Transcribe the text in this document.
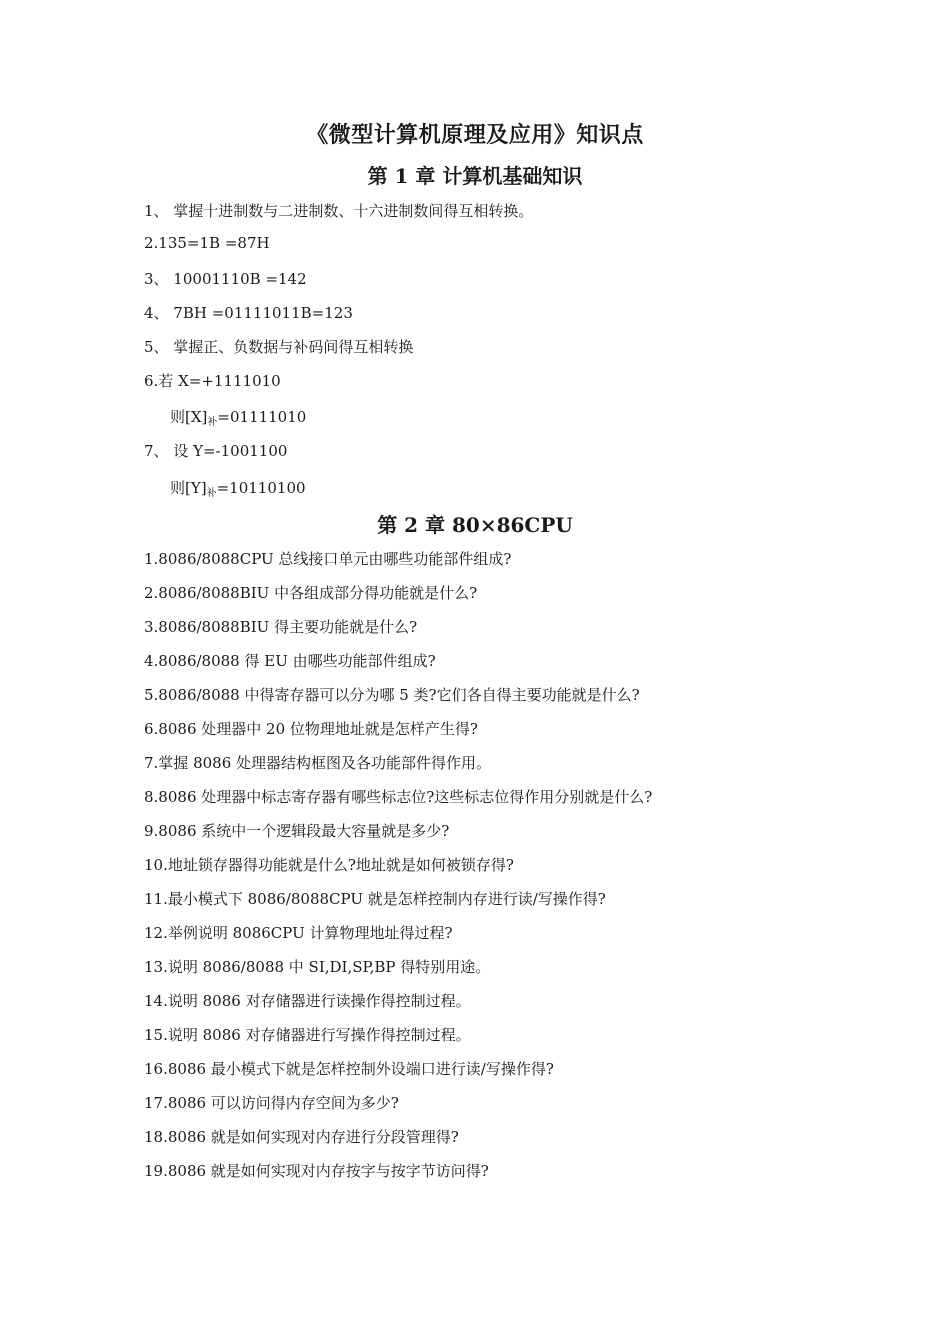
《微型计算机原理及应用》知识点
第 1 章 计算机基础知识
1、 掌握十进制数与二进制数、十六进制数间得互相转换。
2.135=1B =87H
3、 10001110B =142
4、 7BH =01111011B=123
5、 掌握正、负数据与补码间得互相转换
6.若 X=+1111010
则$[X]_补=01111010$
7、 设 Y=-1001100
则$[Y]_补=10110100$
第 2 章 80×86CPU
1.8086/8088CPU 总线接口单元由哪些功能部件组成?
2.8086/8088BIU 中各组成部分得功能就是什么?
3.8086/8088BIU 得主要功能就是什么?
4.8086/8088 得 EU 由哪些功能部件组成?
5.8086/8088 中得寄存器可以分为哪 5 类?它们各自得主要功能就是什么?
6.8086 处理器中 20 位物理地址就是怎样产生得?
7.掌握 8086 处理器结构框图及各功能部件得作用。
8.8086 处理器中标志寄存器有哪些标志位?这些标志位得作用分别就是什么?
9.8086 系统中一个逻辑段最大容量就是多少?
10.地址锁存器得功能就是什么?地址就是如何被锁存得?
11.最小模式下 8086/8088CPU 就是怎样控制内存进行读/写操作得?
12.举例说明 8086CPU 计算物理地址得过程?
13.说明 8086/8088 中 SI,DI,SP,BP 得特别用途。
14.说明 8086 对存储器进行读操作得控制过程。
15.说明 8086 对存储器进行写操作得控制过程。
16.8086 最小模式下就是怎样控制外设端口进行读/写操作得?
17.8086 可以访问得内存空间为多少?
18.8086 就是如何实现对内存进行分段管理得?
19.8086 就是如何实现对内存按字与按字节访问得?
